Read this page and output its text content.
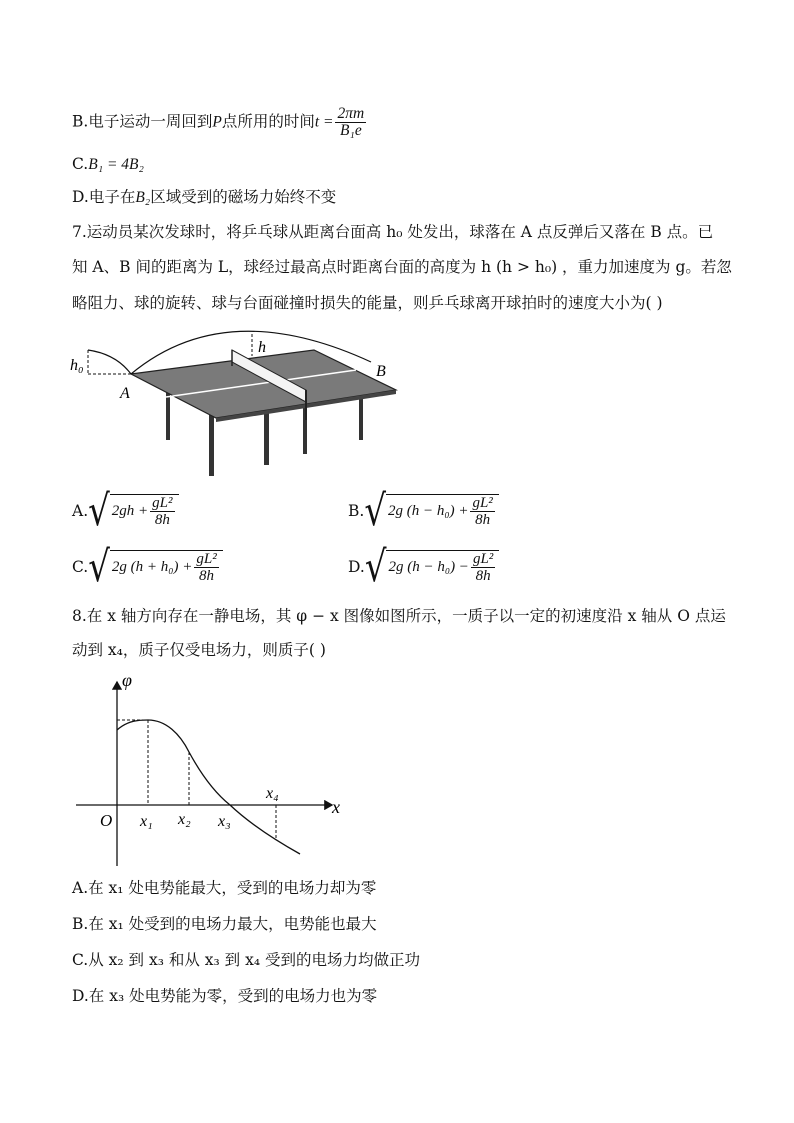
B.电子运动一周回到P点所用的时间$t = \frac{2\pi m}{\text{B₁e}}$
C.B₁ = 4B₂
D.电子在B₂区域受到的磁场力始终不变
7.运动员某次发球时，将乒乓球从距离台面高 h₀ 处发出，球落在 A 点反弹后又落在 B 点。已
知 A、B 间的距离为 L，球经过最高点时距离台面的高度为 h (h > h₀) ，重力加速度为 g。若忽
略阻力、球的旋转、球与台面碰撞时损失的能量，则乒乓球离开球拍时的速度大小为( )
h₀
h
A
B
A. √ $2gh + \frac{\text{gL²}}{8h}$	B. √ 2g $(h - h_0) + \frac{\text{gL²}}{8h}$
C. √ 2g $(h + h_0) + \frac{\text{gL²}}{8h}$	D. √ 2g $(h - h_0) - \frac{\text{gL²}}{8h}$
8.在 x 轴方向存在一静电场，其 φ − x 图像如图所示，一质子以一定的初速度沿 x 轴从 O 点运
动到 x₄，质子仅受电场力，则质子( )
φ
x
O x₁ x₂ x₃
x₄
A.在 x₁ 处电势能最大，受到的电场力却为零
B.在 x₁ 处受到的电场力最大，电势能也最大
C.从 x₂ 到 x₃ 和从 x₃ 到 x₄ 受到的电场力均做正功
D.在 x₃ 处电势能为零，受到的电场力也为零
